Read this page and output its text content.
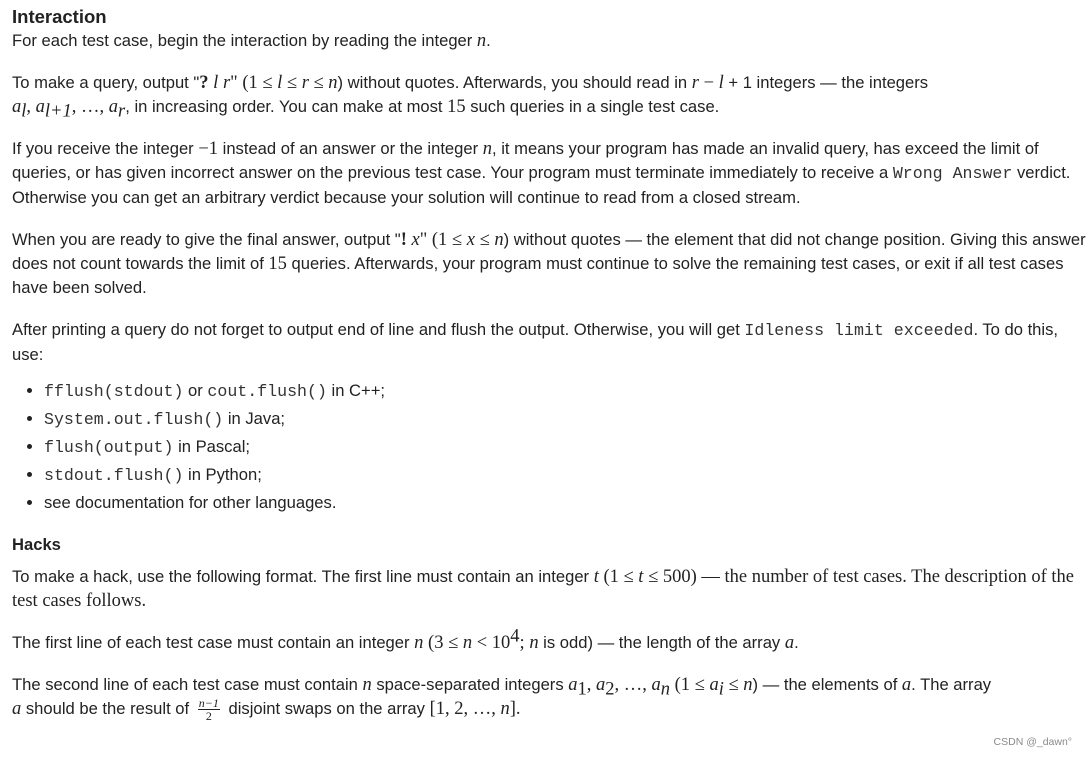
Interaction

For each test case, begin the interaction by reading the integer n.

To make a query, output "? l r" (1 ≤ l ≤ r ≤ n) without quotes. Afterwards, you should read in r − l + 1 integers — the integers
$a_l$, $a_{l+1}$, …, $a_r$, in increasing order. You can make at most 15 such queries in a single test case.

If you receive the integer −1 instead of an answer or the integer n, it means your program has made an invalid query, has exceed the limit of queries, or has given incorrect answer on the previous test case. Your program must terminate immediately to receive a Wrong Answer verdict. Otherwise you can get an arbitrary verdict because your solution will continue to read from a closed stream.

When you are ready to give the final answer, output "! x" (1 ≤ x ≤ n) without quotes — the element that did not change position. Giving this answer does not count towards the limit of 15 queries. Afterwards, your program must continue to solve the remaining test cases, or exit if all test cases have been solved.

After printing a query do not forget to output end of line and flush the output. Otherwise, you will get Idleness limit exceeded. To do this, use:

• fflush(stdout) or cout.flush() in C++;
• System.out.flush() in Java;
• flush(output) in Pascal;
• stdout.flush() in Python;
• see documentation for other languages.
Hacks

To make a hack, use the following format. The first line must contain an integer t (1 ≤ t ≤ 500) — the number of test cases. The description of the test cases follows.

The first line of each test case must contain an integer n ($3 \le n < 10^4$; n is odd) — the length of the array a.

The second line of each test case must contain n space-separated integers $a_1$, $a_2$, …, $a_n$ $(1 \le a_i \le n)$ — the elements of a. The array
a should be the result of $\frac{n-1}{2}$ disjoint swaps on the array [1, 2, …, n].

CSDN @_dawn°
